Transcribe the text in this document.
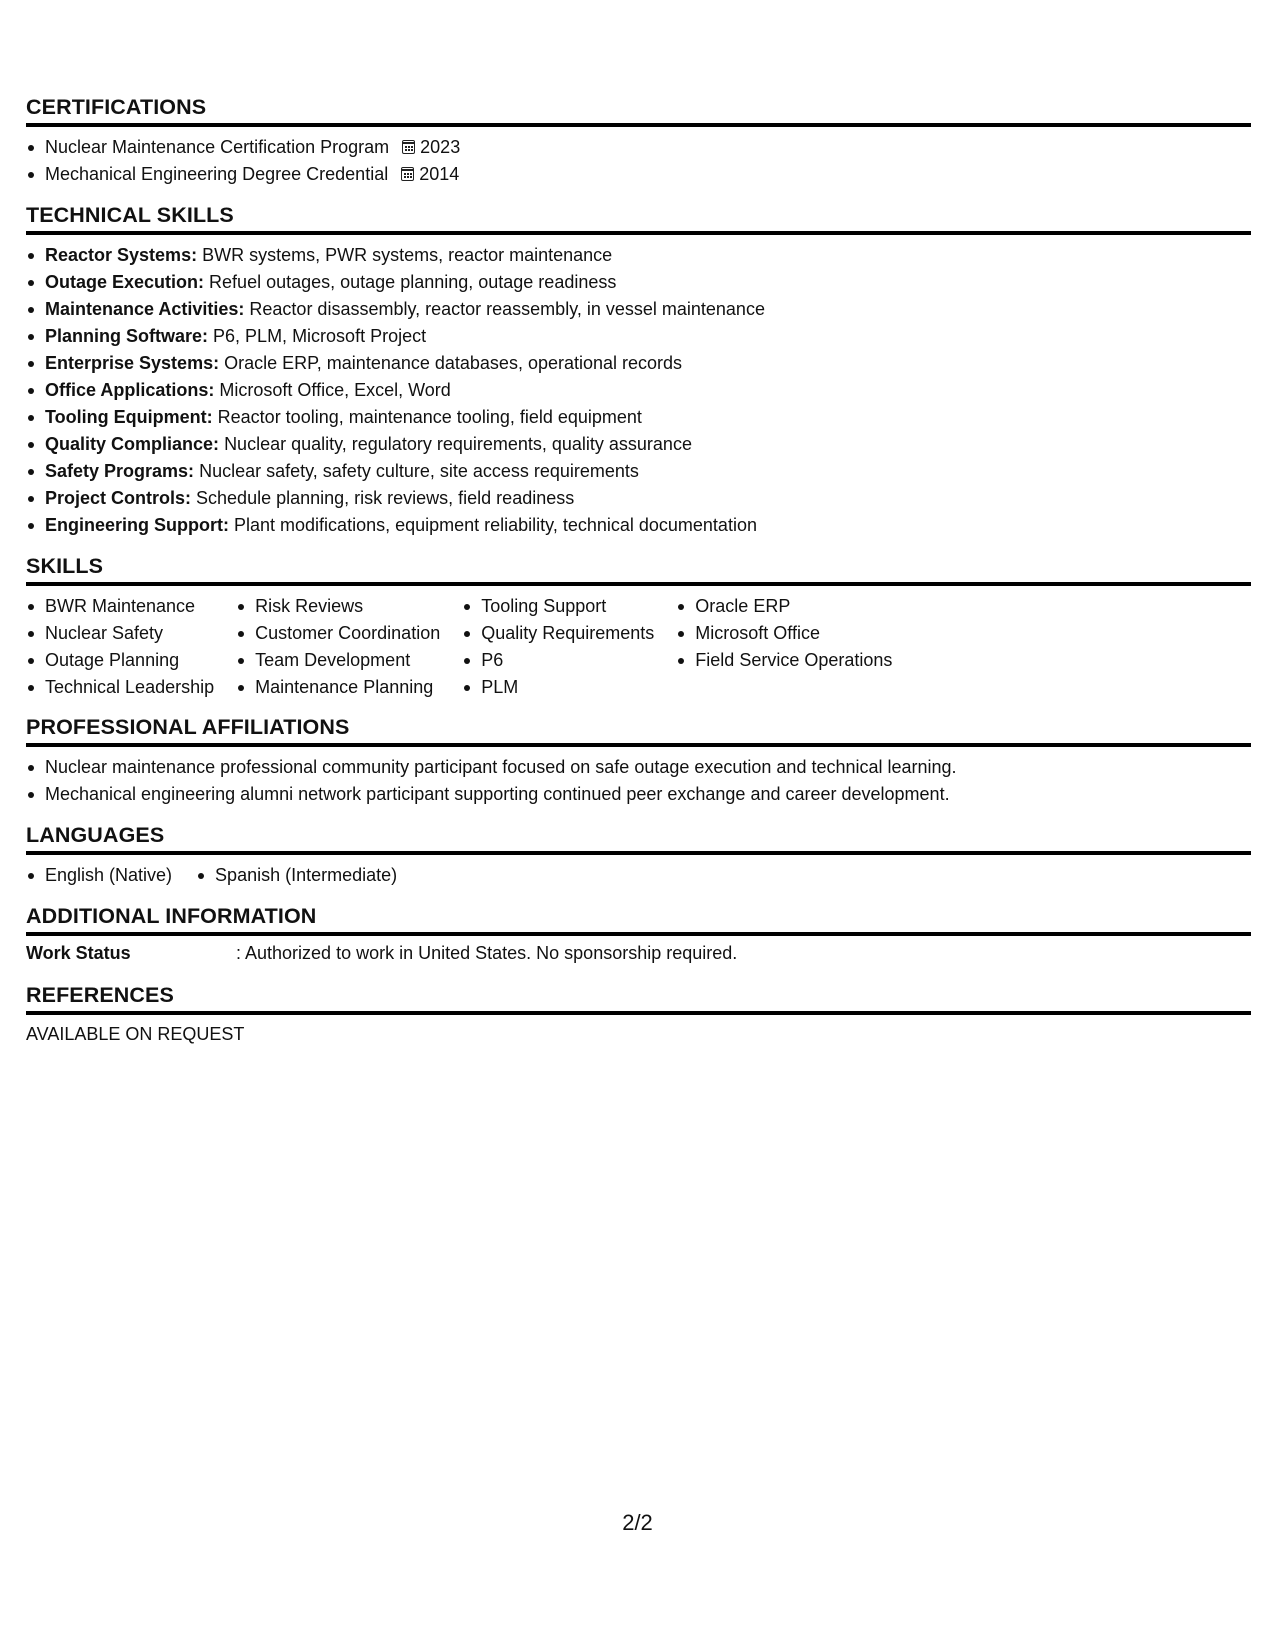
CERTIFICATIONS
Nuclear Maintenance Certification Program 2023
Mechanical Engineering Degree Credential 2014
TECHNICAL SKILLS
Reactor Systems: BWR systems, PWR systems, reactor maintenance
Outage Execution: Refuel outages, outage planning, outage readiness
Maintenance Activities: Reactor disassembly, reactor reassembly, in vessel maintenance
Planning Software: P6, PLM, Microsoft Project
Enterprise Systems: Oracle ERP, maintenance databases, operational records
Office Applications: Microsoft Office, Excel, Word
Tooling Equipment: Reactor tooling, maintenance tooling, field equipment
Quality Compliance: Nuclear quality, regulatory requirements, quality assurance
Safety Programs: Nuclear safety, safety culture, site access requirements
Project Controls: Schedule planning, risk reviews, field readiness
Engineering Support: Plant modifications, equipment reliability, technical documentation
SKILLS
BWR Maintenance
Nuclear Safety
Outage Planning
Technical Leadership
Risk Reviews
Customer Coordination
Team Development
Maintenance Planning
Tooling Support
Quality Requirements
P6
PLM
Oracle ERP
Microsoft Office
Field Service Operations
PROFESSIONAL AFFILIATIONS
Nuclear maintenance professional community participant focused on safe outage execution and technical learning.
Mechanical engineering alumni network participant supporting continued peer exchange and career development.
LANGUAGES
English (Native)	Spanish (Intermediate)
ADDITIONAL INFORMATION
Work Status	: Authorized to work in United States. No sponsorship required.
REFERENCES
AVAILABLE ON REQUEST
2/2
